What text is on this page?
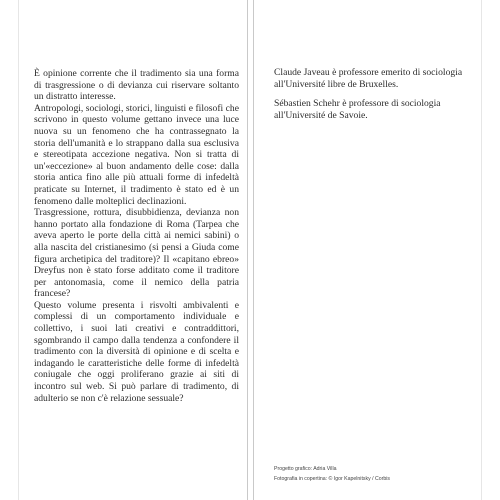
È opinione corrente che il tradimento sia una forma di trasgressione o di devianza cui riservare soltanto un distratto interesse.

Antropologi, sociologi, storici, linguisti e filosofi che scrivono in questo volume gettano invece una luce nuova su un fenomeno che ha contrassegnato la storia dell'umanità e lo strappano dalla sua esclusiva e stereotipata accezione negativa. Non si tratta di un'«eccezione» al buon andamento delle cose: dalla storia antica fino alle più attuali forme di infedeltà praticate su Internet, il tradimento è stato ed è un fenomeno dalle molteplici declinazioni.

Trasgressione, rottura, disubbidienza, devianza non hanno portato alla fondazione di Roma (Tarpea che aveva aperto le porte della città ai nemici sabini) o alla nascita del cristianesimo (si pensi a Giuda come figura archetipica del traditore)? Il «capitano ebreo» Dreyfus non è stato forse additato come il traditore per antonomasia, come il nemico della patria francese?

Questo volume presenta i risvolti ambivalenti e complessi di un comportamento individuale e collettivo, i suoi lati creativi e contraddittori, sgombrando il campo dalla tendenza a confondere il tradimento con la diversità di opinione e di scelta e indagando le caratteristiche delle forme di infedeltà coniugale che oggi proliferano grazie ai siti di incontro sul web. Si può parlare di tradimento, di adulterio se non c'è relazione sessuale?

Claude Javeau è professore emerito di sociologia all'Université libre de Bruxelles.

Sébastien Schehr è professore di sociologia all'Université de Savoie.

Progetto grafico: Adria Villa
Fotografia in copertina: © Igor Kapelnitsky / Corbis
